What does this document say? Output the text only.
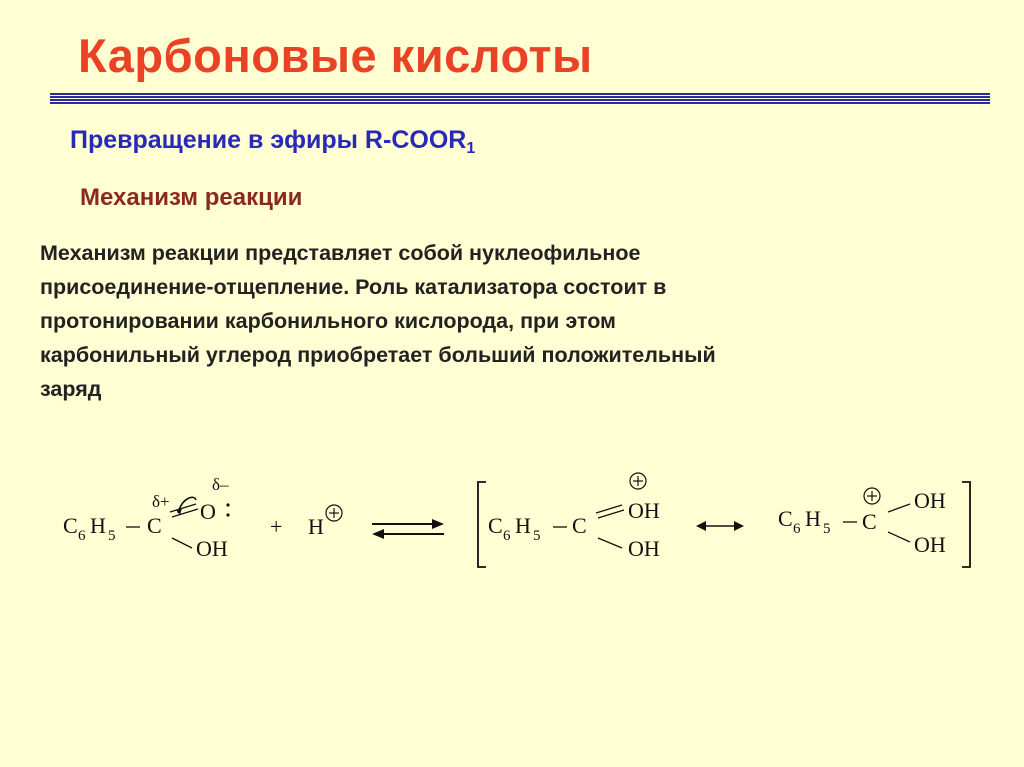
Карбоновые кислоты
Превращение в эфиры $R-COOR_1$
Механизм реакции
Механизм реакции представляет собой нуклеофильное
присоединение-отщепление. Роль катализатора состоит в
протонировании карбонильного кислорода, при этом
карбонильный углерод приобретает больший положительный
заряд
C 6 H 5 C
δ+
δ–
O
OH
+ H	C 6 H 5 C
OH
OH
C 6 H 5 C
OH
OH
